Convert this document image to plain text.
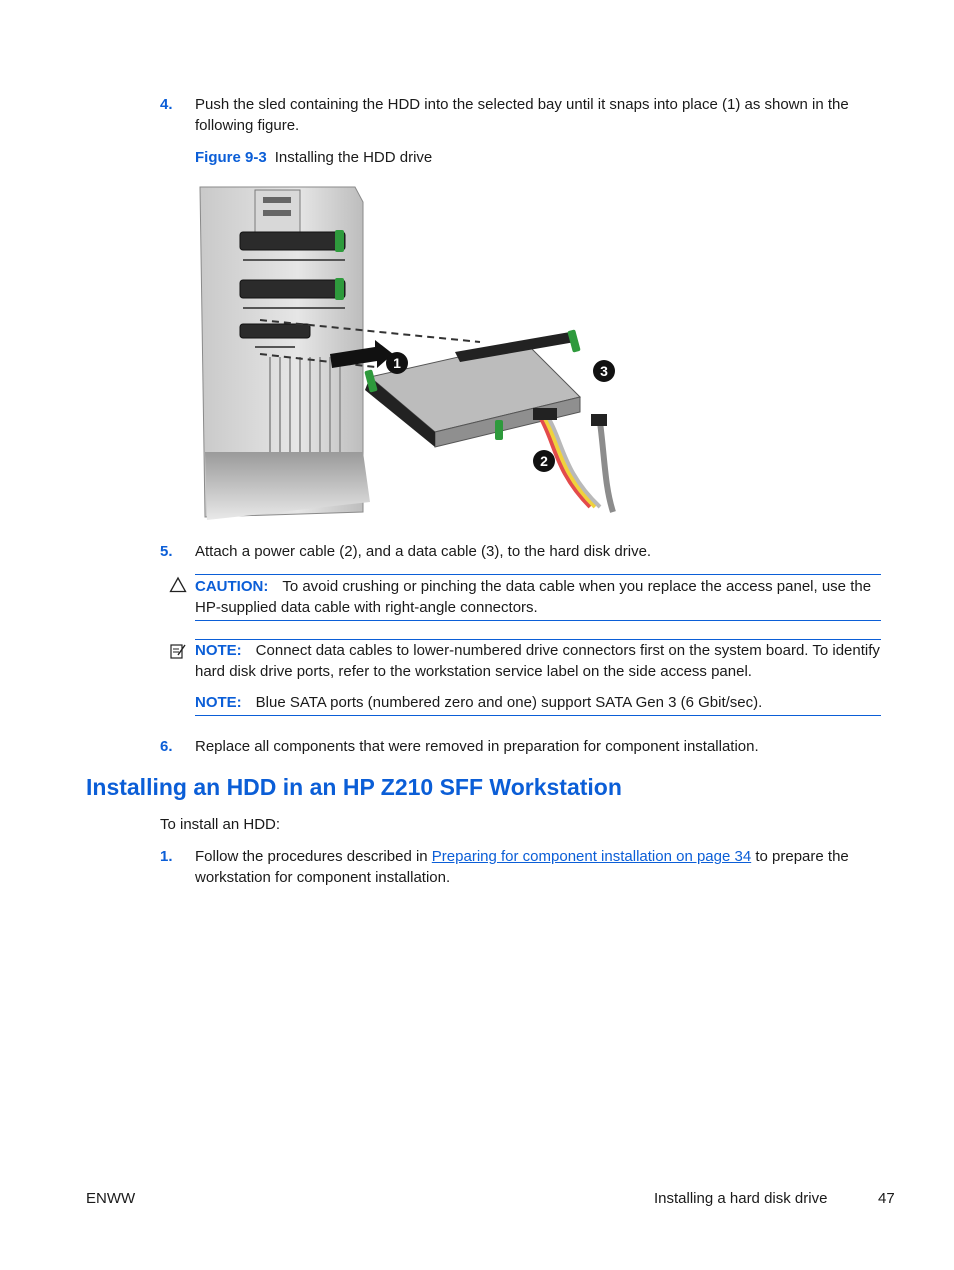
4. Push the sled containing the HDD into the selected bay until it snaps into place (1) as shown in the following figure.
Figure 9-3 Installing the HDD drive
1
2
3
5. Attach a power cable (2), and a data cable (3), to the hard disk drive.
CAUTION: To avoid crushing or pinching the data cable when you replace the access panel, use the HP-supplied data cable with right-angle connectors.
NOTE: Connect data cables to lower-numbered drive connectors first on the system board. To identify hard disk drive ports, refer to the workstation service label on the side access panel.
NOTE: Blue SATA ports (numbered zero and one) support SATA Gen 3 (6 Gbit/sec).
6. Replace all components that were removed in preparation for component installation.
Installing an HDD in an HP Z210 SFF Workstation
To install an HDD:
1. Follow the procedures described in Preparing for component installation on page 34 to prepare the workstation for component installation.
ENWW	Installing a hard disk drive	47
